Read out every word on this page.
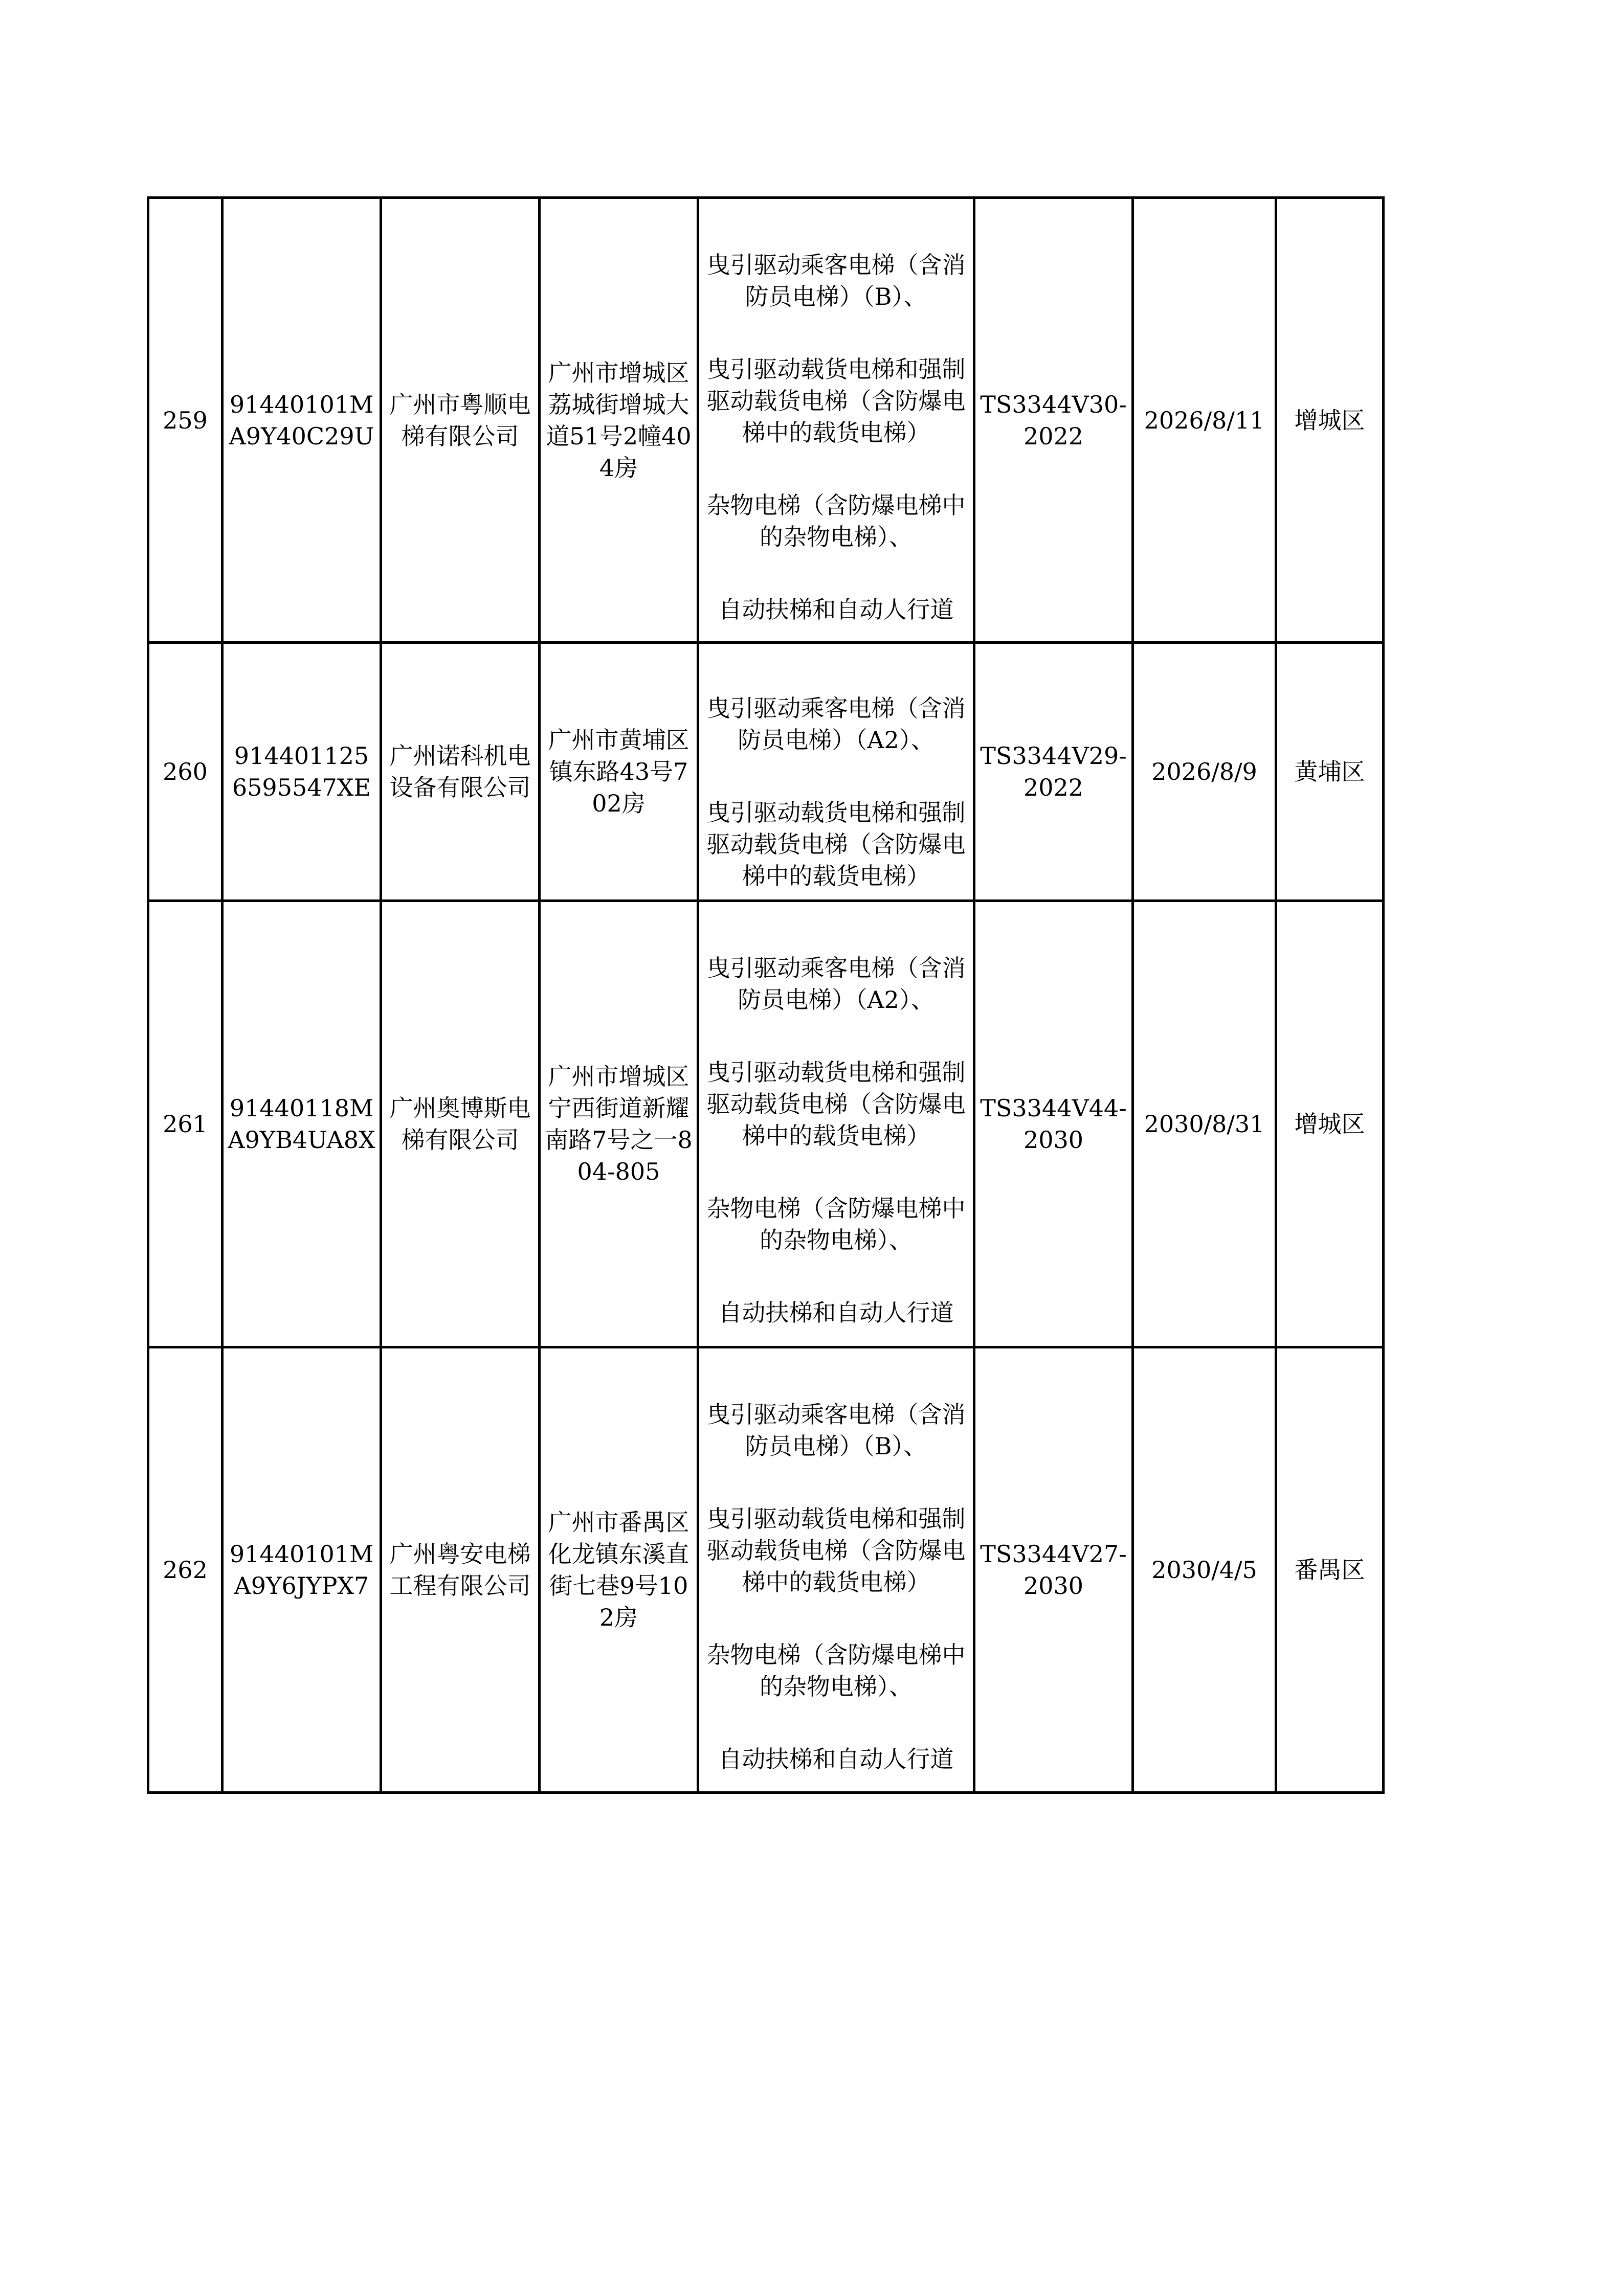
259	91440101MA9Y40C29U	广州市粤顺电梯有限公司	广州市增城区荔城街增城大道51号2幢404房	曳引驱动乘客电梯（含消防员电梯）（B）、
曳引驱动载货电梯和强制驱动载货电梯（含防爆电梯中的载货电梯）
杂物电梯（含防爆电梯中的杂物电梯）、
自动扶梯和自动人行道	TS3344V30-2022	2026/8/11	增城区
260	9144011256595547XE	广州诺科机电设备有限公司	广州市黄埔区镇东路43号702房	曳引驱动乘客电梯（含消防员电梯）（A2）、
曳引驱动载货电梯和强制驱动载货电梯（含防爆电梯中的载货电梯）	TS3344V29-2022	2026/8/9	黄埔区
261	91440118MA9YB4UA8X	广州奥博斯电梯有限公司	广州市增城区宁西街道新耀南路7号之一804-805	曳引驱动乘客电梯（含消防员电梯）（A2）、
曳引驱动载货电梯和强制驱动载货电梯（含防爆电梯中的载货电梯）
杂物电梯（含防爆电梯中的杂物电梯）、
自动扶梯和自动人行道	TS3344V44-2030	2030/8/31	增城区
262	91440101MA9Y6JYPX7	广州粤安电梯工程有限公司	广州市番禺区化龙镇东溪直街七巷9号102房	曳引驱动乘客电梯（含消防员电梯）（B）、
曳引驱动载货电梯和强制驱动载货电梯（含防爆电梯中的载货电梯）
杂物电梯（含防爆电梯中的杂物电梯）、
自动扶梯和自动人行道	TS3344V27-2030	2030/4/5	番禺区
